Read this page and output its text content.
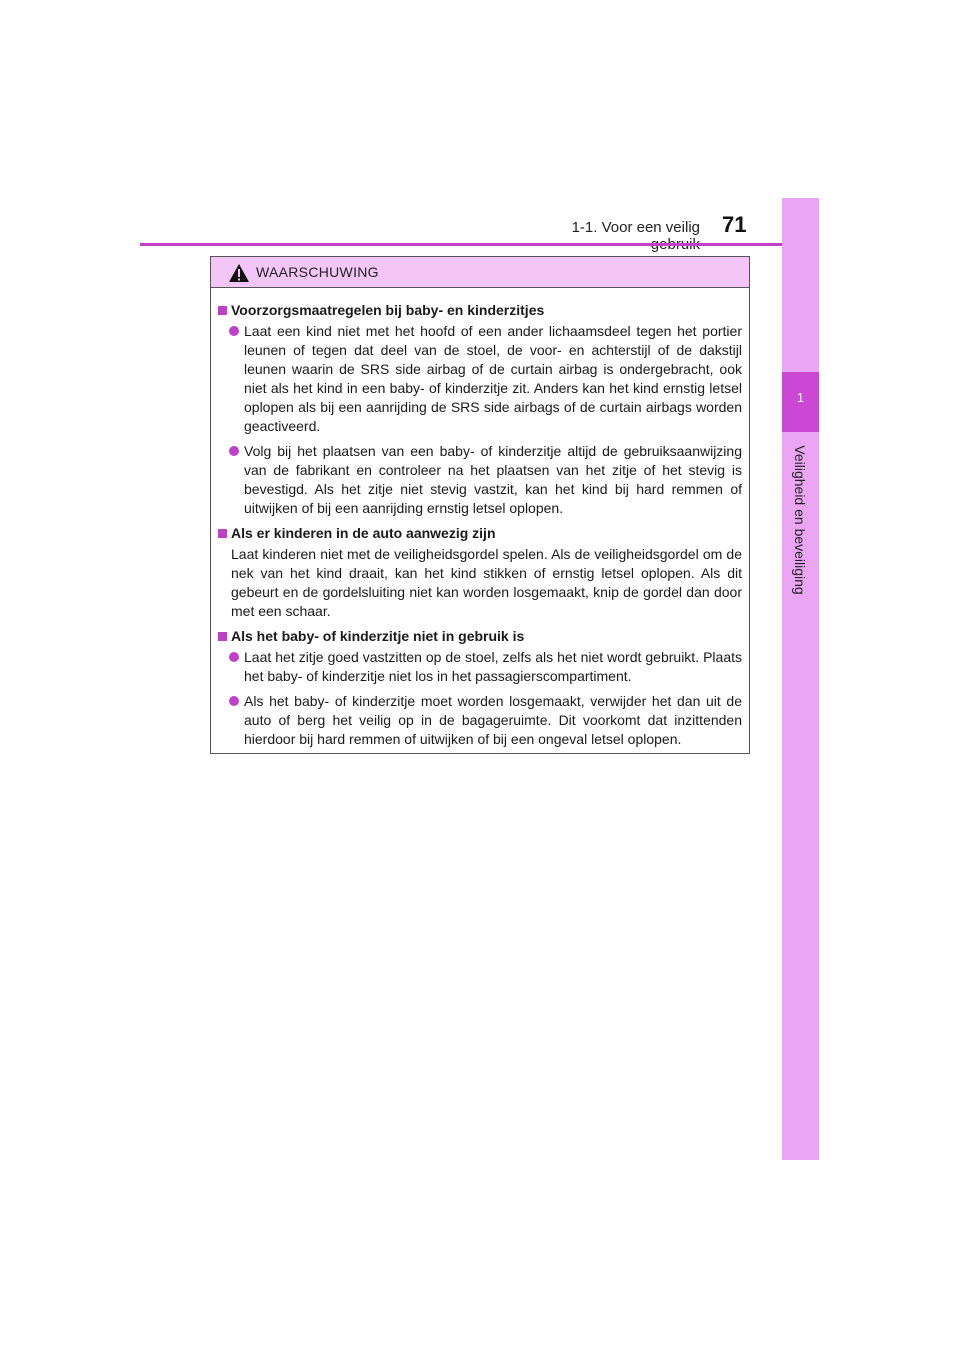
1-1. Voor een veilig 71
1
Veiligheid en beveiliging
WAARSCHUWING
Voorzorgsmaatregelen bij baby- en kinderzitjes
Laat een kind niet met het hoofd of een ander lichaamsdeel tegen het portier leunen of tegen dat deel van de stoel, de voor- en achterstijl of de dakstijl leunen waarin de SRS side airbag of de curtain airbag is ondergebracht, ook niet als het kind in een baby- of kinderzitje zit. Anders kan het kind ernstig letsel oplopen als bij een aanrijding de SRS side airbags of de curtain airbags worden geactiveerd.
Volg bij het plaatsen van een baby- of kinderzitje altijd de gebruiksaanwijzing van de fabrikant en controleer na het plaatsen van het zitje of het stevig is bevestigd. Als het zitje niet stevig vastzit, kan het kind bij hard remmen of uitwijken of bij een aanrijding ernstig letsel oplopen.
Als er kinderen in de auto aanwezig zijn
Laat kinderen niet met de veiligheidsgordel spelen. Als de veiligheidsgordel om de nek van het kind draait, kan het kind stikken of ernstig letsel oplopen. Als dit gebeurt en de gordelsluiting niet kan worden losgemaakt, knip de gordel dan door met een schaar.
Als het baby- of kinderzitje niet in gebruik is
Laat het zitje goed vastzitten op de stoel, zelfs als het niet wordt gebruikt. Plaats het baby- of kinderzitje niet los in het passagierscompartiment.
Als het baby- of kinderzitje moet worden losgemaakt, verwijder het dan uit de auto of berg het veilig op in de bagageruimte. Dit voorkomt dat inzittenden hierdoor bij hard remmen of uitwijken of bij een ongeval letsel oplopen.
